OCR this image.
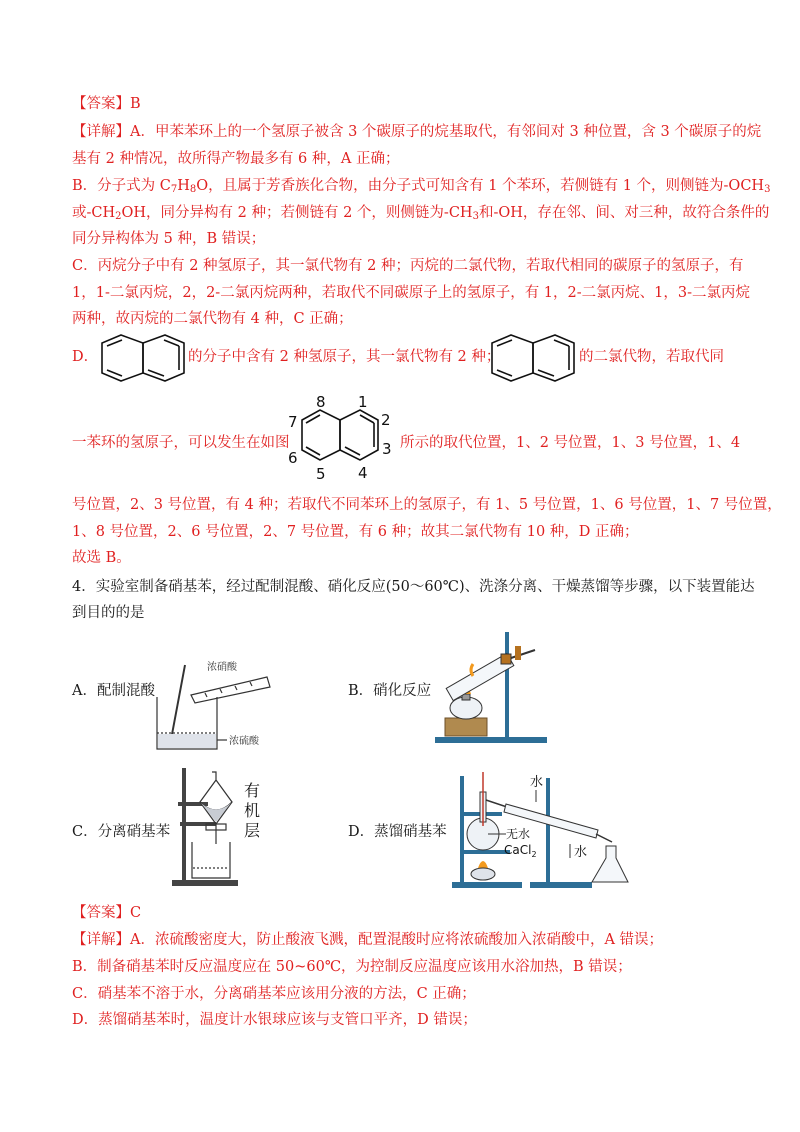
【答案】B
【详解】A．甲苯苯环上的一个氢原子被含 3 个碳原子的烷基取代，有邻间对 3 种位置，含 3 个碳原子的烷
基有 2 种情况，故所得产物最多有 6 种，A 正确；
B．分子式为 $C_7H_8O$，且属于芳香族化合物，由分子式可知含有 1 个苯环，若侧链有 1 个，则侧链为$-OCH_3$
或$-CH_2OH$，同分异构有 2 种；若侧链有 2 个，则侧链为$-CH_3$和-OH，存在邻、间、对三种，故符合条件的
同分异构体为 5 种，B 错误；
C．丙烷分子中有 2 种氢原子，其一氯代物有 2 种；丙烷的二氯代物，若取代相同的碳原子的氢原子，有
1，1-二氯丙烷，2，2-二氯丙烷两种，若取代不同碳原子上的氢原子，有 1，2-二氯丙烷、1，3-二氯丙烷
两种，故丙烷的二氯代物有 4 种，C 正确；
D．	的分子中含有 2 种氢原子，其一氯代物有 2 种；	的二氯代物，若取代同
一苯环的氢原子，可以发生在如图
8 1
2
7
6	3
5 4
所示的取代位置，1、2 号位置，1、3 号位置，1、4
号位置，2、3 号位置，有 4 种；若取代不同苯环上的氢原子，有 1、5 号位置，1、6 号位置，1、7 号位置，
1、8 号位置，2、6 号位置，2、7 号位置，有 6 种；故其二氯代物有 10 种，D 正确；
故选 B。
4．实验室制备硝基苯，经过配制混酸、硝化反应(50～60℃)、洗涤分离、干燥蒸馏等步骤，以下装置能达
到目的的是
A．配制混酸	B．硝化反应
C．分离硝基苯	D．蒸馏硝基苯
浓硝酸
浓硫酸
有
机
层
水
无水
CaCl$_2$	水
【答案】C
【详解】A．浓硫酸密度大，防止酸液飞溅，配置混酸时应将浓硫酸加入浓硝酸中，A 错误；
B．制备硝基苯时反应温度应在 50~60℃，为控制反应温度应该用水浴加热，B 错误；
C．硝基苯不溶于水，分离硝基苯应该用分液的方法，C 正确；
D．蒸馏硝基苯时，温度计水银球应该与支管口平齐，D 错误；
